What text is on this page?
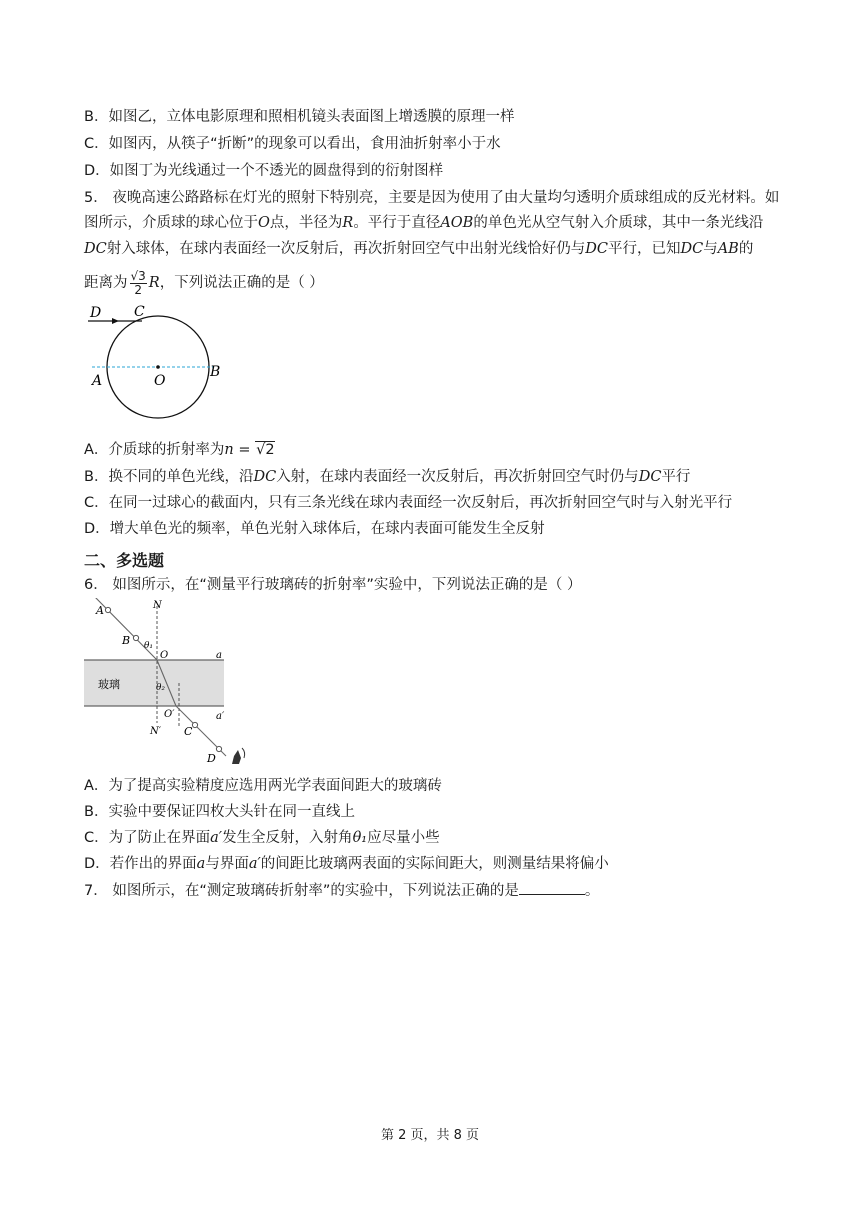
B．如图乙，立体电影原理和照相机镜头表面图上增透膜的原理一样
C．如图丙，从筷子“折断”的现象可以看出，食用油折射率小于水
D．如图丁为光线通过一个不透光的圆盘得到的衍射图样
5． 夜晚高速公路路标在灯光的照射下特别亮，主要是因为使用了由大量均匀透明介质球组成的反光材料。如
图所示，介质球的球心位于O点，半径为R。平行于直径AOB的单色光从空气射入介质球，其中一条光线沿
DC射入球体，在球内表面经一次反射后，再次折射回空气中出射光线恰好仍与DC平行，已知DC与AB的
距离为 $\frac{√3}{2}$ R，下列说法正确的是（ ）
D C
A	O
B
A．介质球的折射率为n = √2
B．换不同的单色光线，沿DC入射，在球内表面经一次反射后，再次折射回空气时仍与DC平行
C．在同一过球心的截面内，只有三条光线在球内表面经一次反射后，再次折射回空气时与入射光平行
D．增大单色光的频率，单色光射入球体后，在球内表面可能发生全反射
二、多选题
6． 如图所示，在“测量平行玻璃砖的折射率”实验中，下列说法正确的是（ ）
A	N
B θ₁
O	a
玻璃	θ₂
O′	a′
N′ C
D
A．为了提高实验精度应选用两光学表面间距大的玻璃砖
B．实验中要保证四枚大头针在同一直线上
C．为了防止在界面a′发生全反射，入射角θ₁应尽量小些
D．若作出的界面a与界面a′的间距比玻璃两表面的实际间距大，则测量结果将偏小
7． 如图所示，在“测定玻璃砖折射率”的实验中，下列说法正确的是	。
第 2 页，共 8 页
